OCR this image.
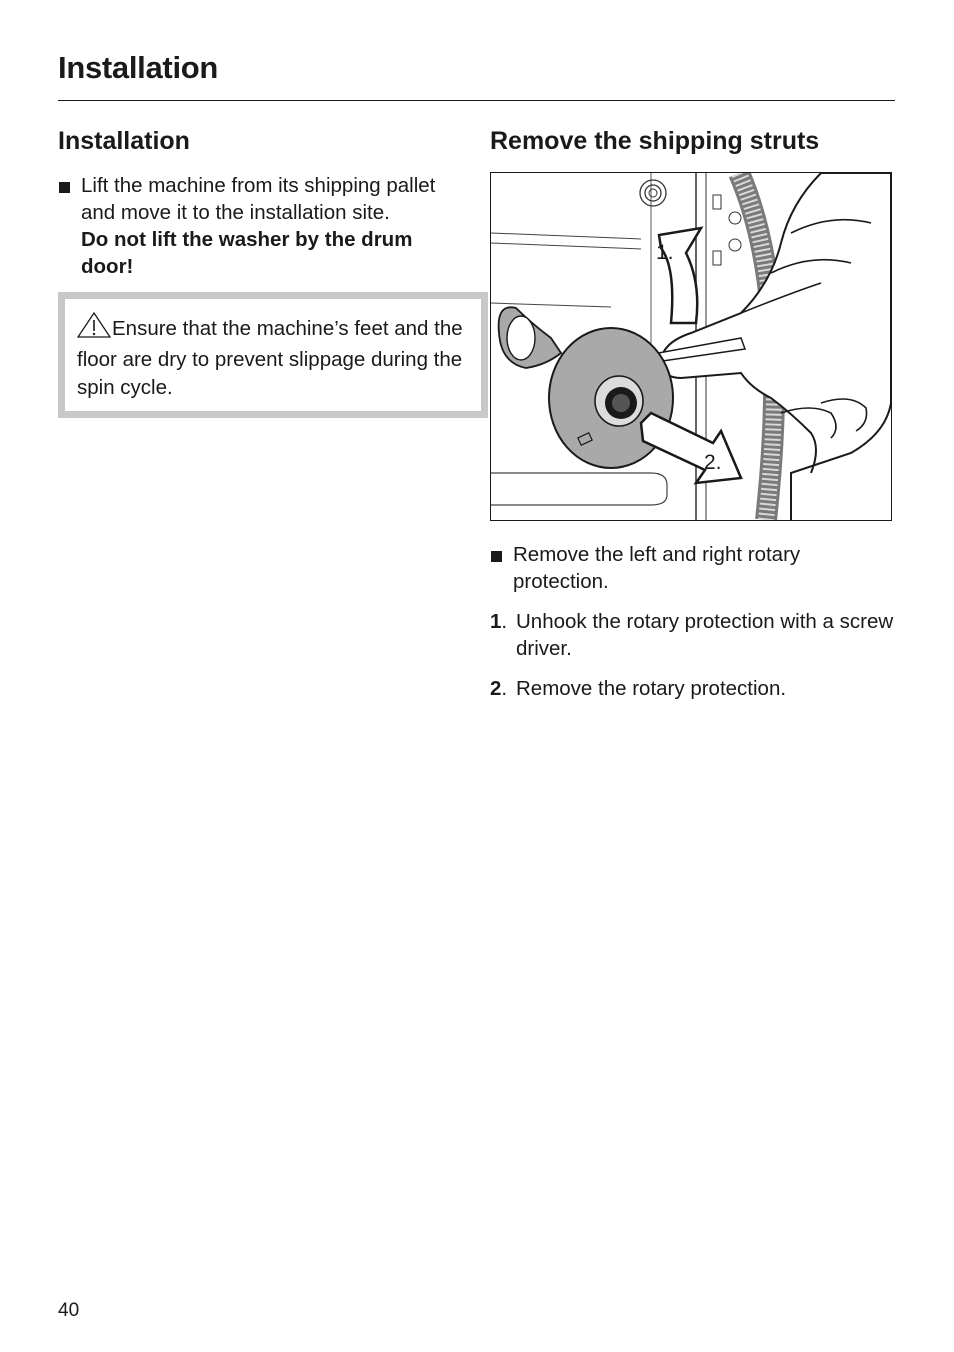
Installation
Installation
Lift the machine from its shipping pallet and move it to the installation site.
Do not lift the washer by the drum door!
Ensure that the machine’s feet and the floor are dry to prevent slippage during the spin cycle.
Remove the shipping struts
1.
2.
Remove the left and right rotary protection.
1. Unhook the rotary protection with a screw driver.
2. Remove the rotary protection.
40
